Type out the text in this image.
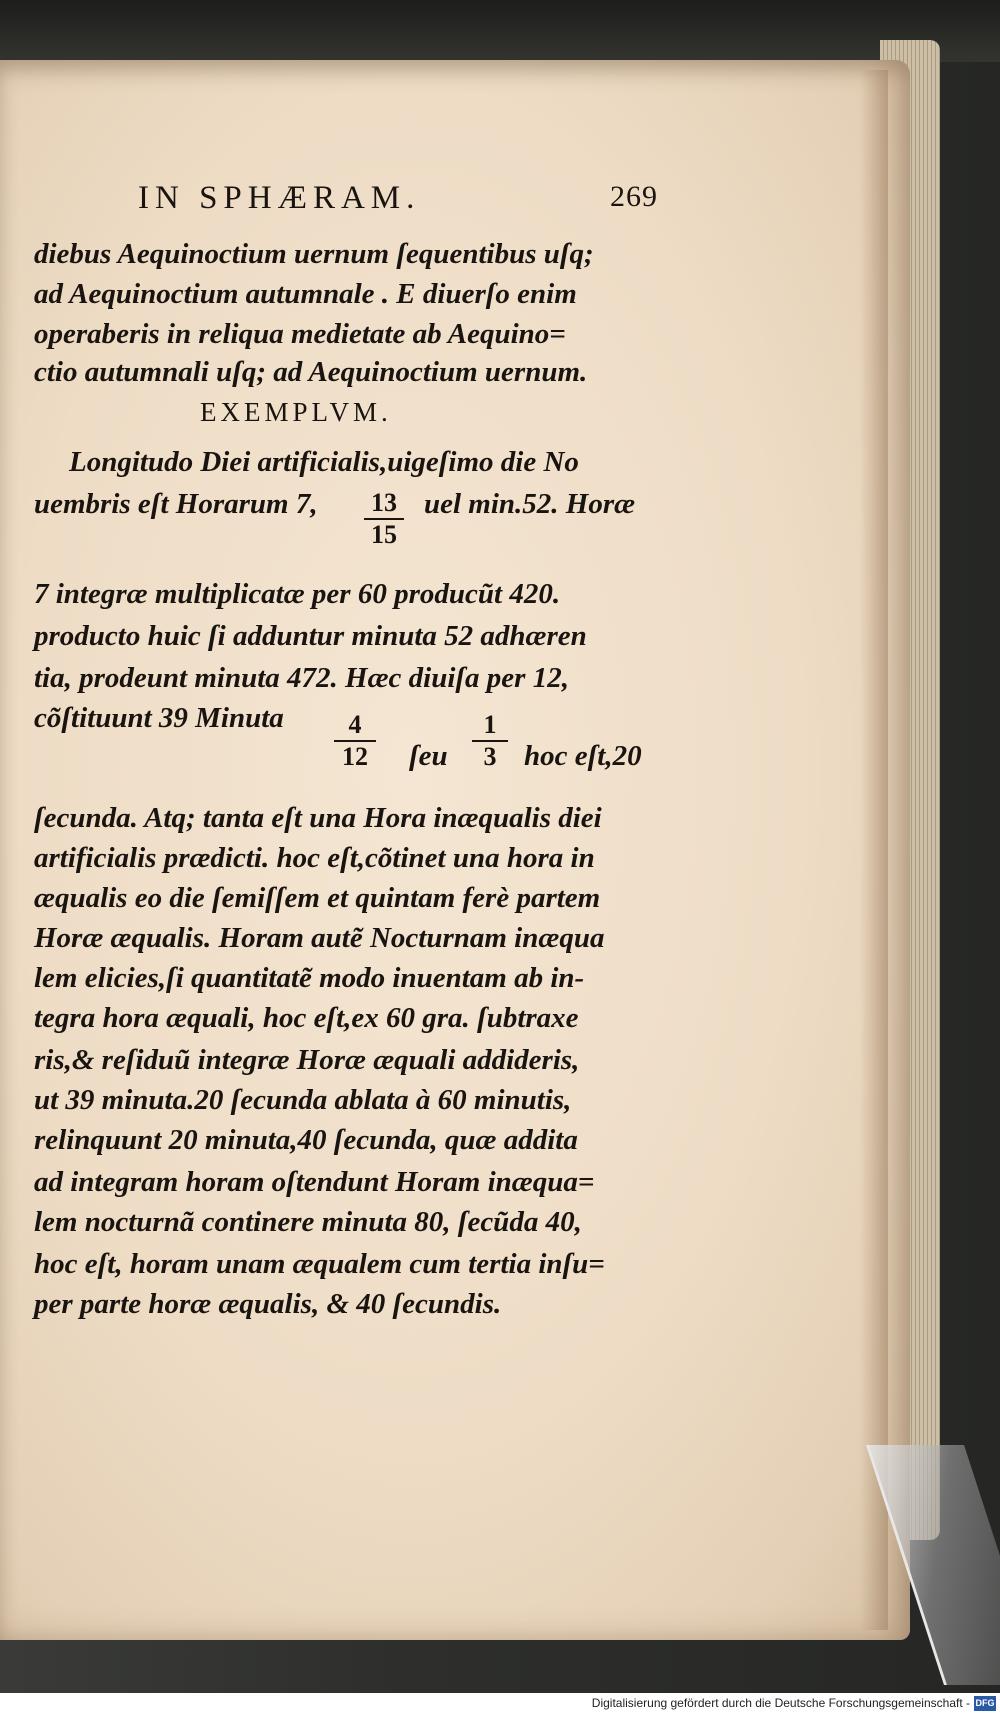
IN SPHÆRAM.	269
diebus Aequinoctium uernum ſequentibus uſq;
ad Aequinoctium autumnale . E diuerſo enim
operaberis in reliqua medietate ab Aequino=
ctio autumnali uſq; ad Aequinoctium uernum.
Longitudo Diei artificialis,uigeſimo die No
uembris eſt Horarum 7,	uel min.52. Horæ
7 integræ multiplicatæ per 60 producũt 420.
producto huic ſi adduntur minuta 52 adhæren
tia, prodeunt minuta 472. Hæc diuiſa per 12,
cõſtituunt 39 Minuta
ſeu	hoc eſt,20
ſecunda. Atq; tanta eſt una Hora inæqualis diei
artificialis prædicti. hoc eſt,cõtinet una hora in
æqualis eo die ſemiſſem et quintam ferè partem
Horæ æqualis. Horam autẽ Nocturnam inæqua
lem elicies,ſi quantitatẽ modo inuentam ab in-
tegra hora æquali, hoc eſt,ex 60 gra. ſubtraxe
ris,& reſiduũ integræ Horæ æquali addideris,
ut 39 minuta.20 ſecunda ablata à 60 minutis,
relinquunt 20 minuta,40 ſecunda, quæ addita
ad integram horam oſtendunt Horam inæqua=
lem nocturnã continere minuta 80, ſecũda 40,
hoc eſt, horam unam æqualem cum tertia inſu=
per parte horæ æqualis, & 40 ſecundis.
13
15
4
12
1
3
EXEMPLVM.
Digitalisierung gefördert durch die Deutsche Forschungsgemeinschaft - DFG
